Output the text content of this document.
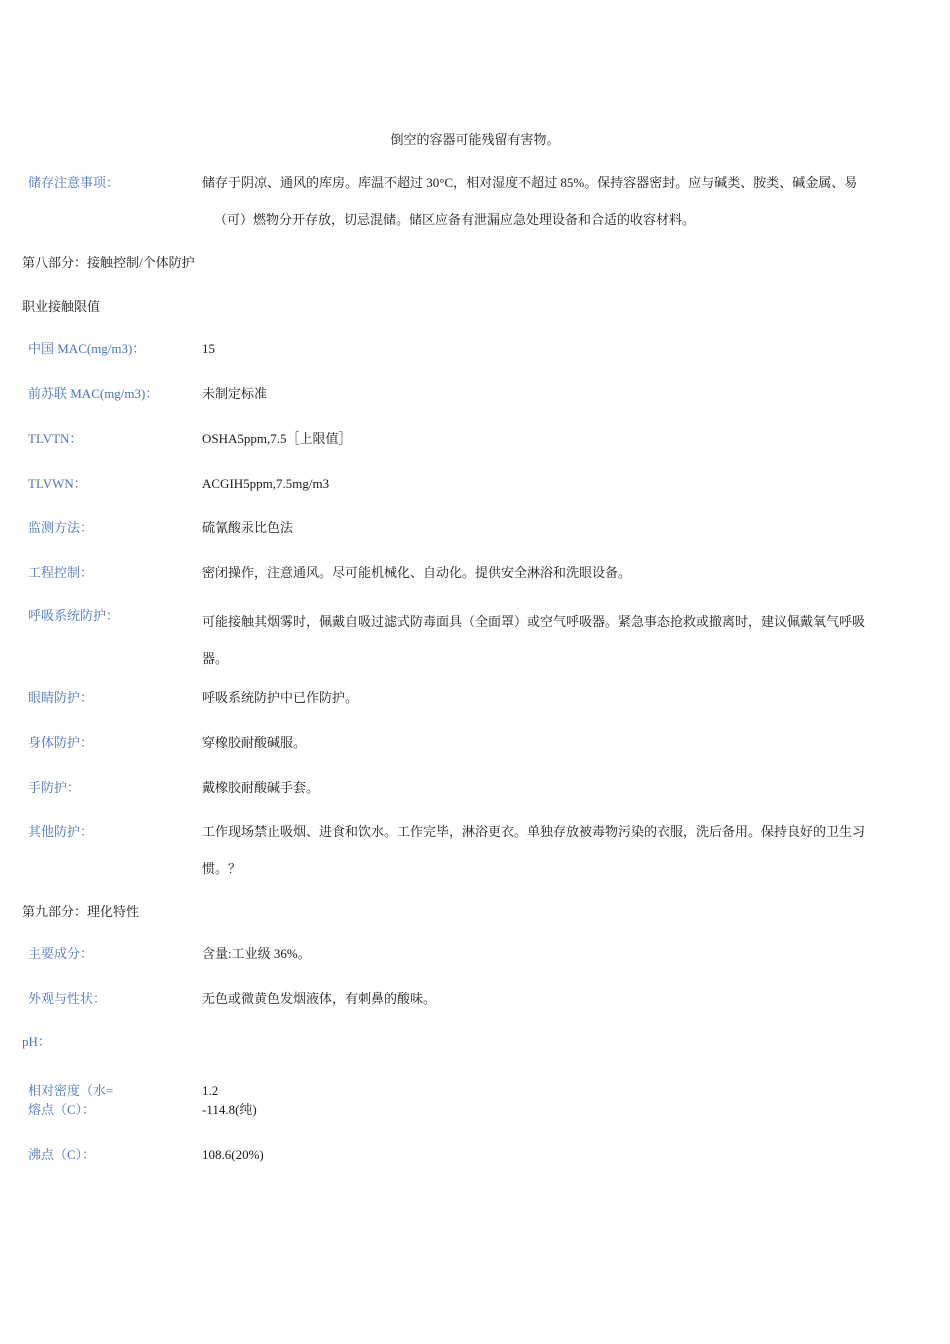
倒空的容器可能残留有害物。
储存注意事项：	储存于阴凉、通风的库房。库温不超过 30°C，相对湿度不超过 85%。保持容器密封。应与碱类、胺类、碱金属、易
（可）燃物分开存放，切忌混储。储区应备有泄漏应急处理设备和合适的收容材料。
第八部分：接触控制/个体防护
职业接触限值
中国 MAC(mg/m3)：	15
前苏联 MAC(mg/m3)：	未制定标准
TLVTN：	OSHA5ppm,7.5［上限值］
TLVWN：	ACGIH5ppm,7.5mg/m3
监测方法：	硫氰酸汞比色法
工程控制：	密闭操作，注意通风。尽可能机械化、自动化。提供安全淋浴和洗眼设备。
呼吸系统防护：	可能接触其烟雾时，佩戴自吸过滤式防毒面具（全面罩）或空气呼吸器。紧急事态抢救或撤离时，建议佩戴氧气呼吸
器。
眼睛防护：	呼吸系统防护中已作防护。
身体防护：	穿橡胶耐酸碱服。
手防护：	戴橡胶耐酸碱手套。
其他防护：	工作现场禁止吸烟、进食和饮水。工作完毕，淋浴更衣。单独存放被毒物污染的衣服，洗后备用。保持良好的卫生习
惯。？
第九部分：理化特性
主要成分：	含量:工业级 36%。
外观与性状：	无色或微黄色发烟液体，有刺鼻的酸味。
pH：
相对密度（水=	1.2
熔点（C）：	-114.8(纯)
沸点（C）：	108.6(20%)
